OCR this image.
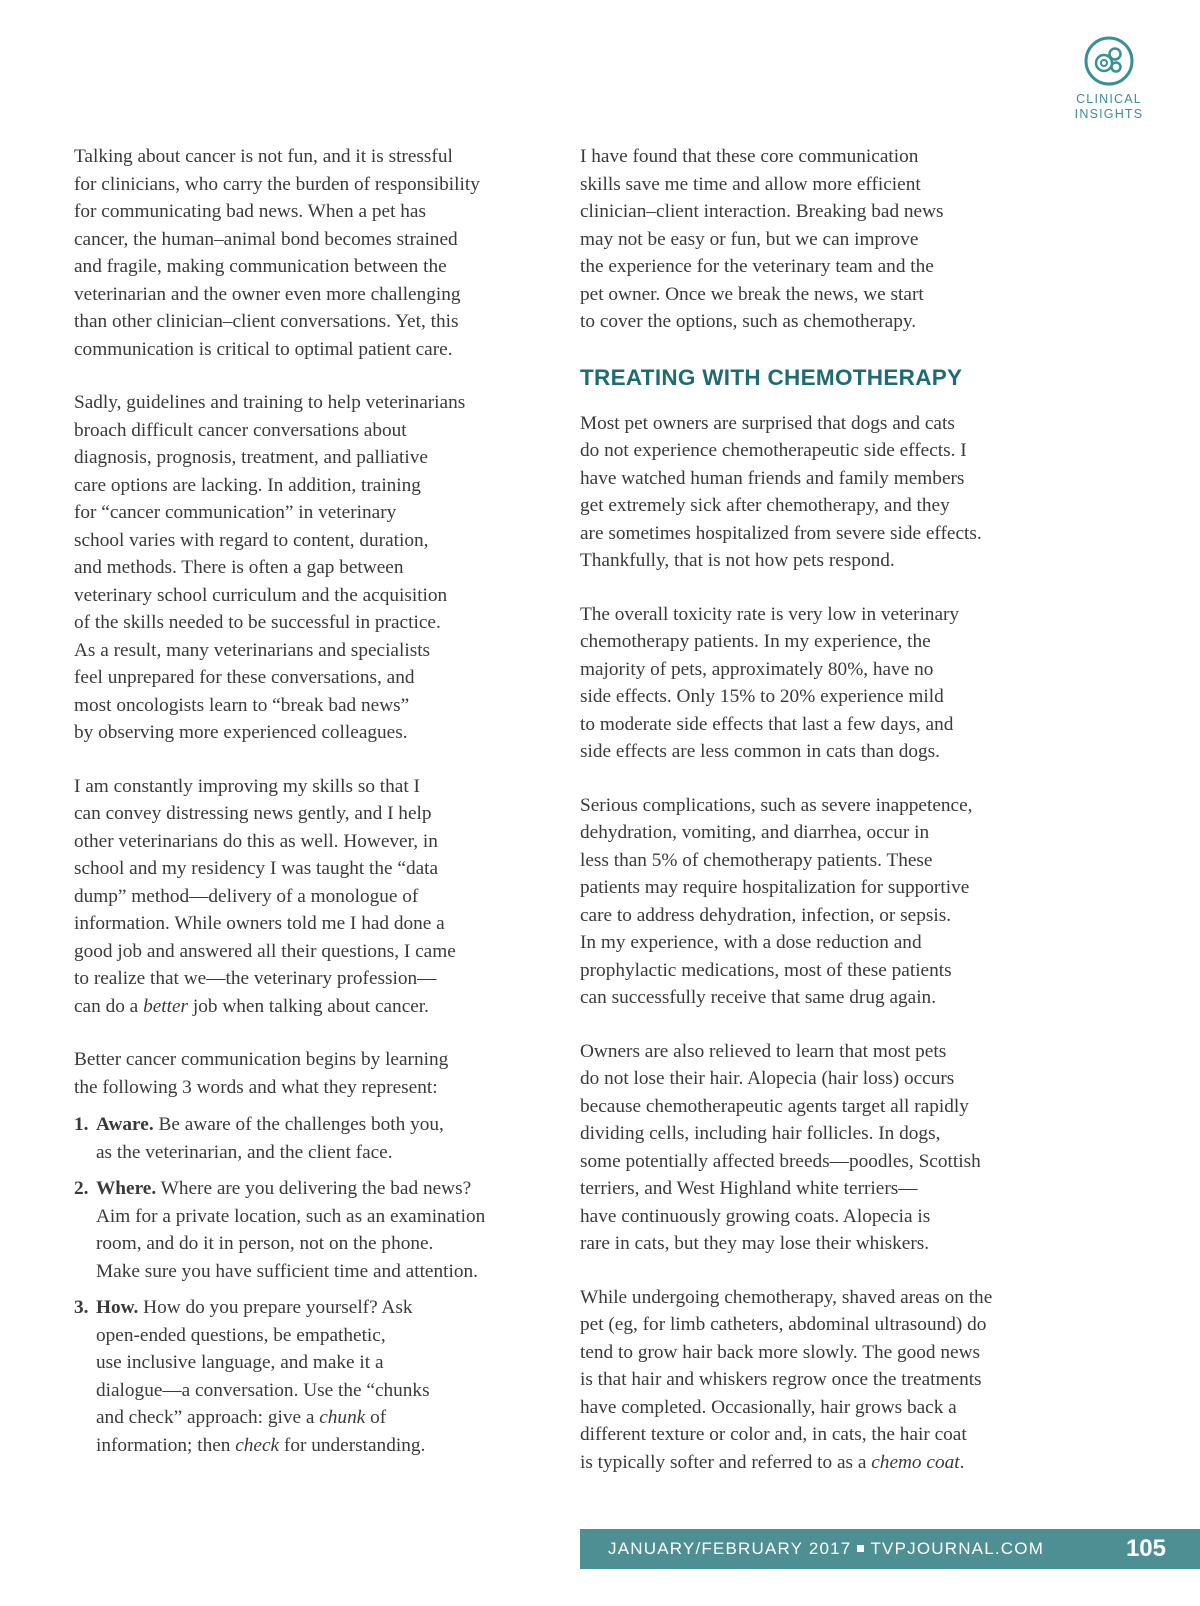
CLINICAL
INSIGHTS

Talking about cancer is not fun, and it is stressful
for clinicians, who carry the burden of responsibility
for communicating bad news. When a pet has
cancer, the human–animal bond becomes strained
and fragile, making communication between the
veterinarian and the owner even more challenging
than other clinician–client conversations. Yet, this
communication is critical to optimal patient care.

Sadly, guidelines and training to help veterinarians
broach difficult cancer conversations about
diagnosis, prognosis, treatment, and palliative
care options are lacking. In addition, training
for “cancer communication” in veterinary
school varies with regard to content, duration,
and methods. There is often a gap between
veterinary school curriculum and the acquisition
of the skills needed to be successful in practice.
As a result, many veterinarians and specialists
feel unprepared for these conversations, and
most oncologists learn to “break bad news”
by observing more experienced colleagues.

I am constantly improving my skills so that I
can convey distressing news gently, and I help
other veterinarians do this as well. However, in
school and my residency I was taught the “data
dump” method—delivery of a monologue of
information. While owners told me I had done a
good job and answered all their questions, I came
to realize that we—the veterinary profession—
can do a better job when talking about cancer.

Better cancer communication begins by learning
the following 3 words and what they represent:

1. Aware. Be aware of the challenges both you,
as the veterinarian, and the client face.
2. Where. Where are you delivering the bad news?
Aim for a private location, such as an examination
room, and do it in person, not on the phone.
Make sure you have sufficient time and attention.
3. How. How do you prepare yourself? Ask
open-ended questions, be empathetic,
use inclusive language, and make it a
dialogue—a conversation. Use the “chunks
and check” approach: give a chunk of
information; then check for understanding.

I have found that these core communication
skills save me time and allow more efficient
clinician–client interaction. Breaking bad news
may not be easy or fun, but we can improve
the experience for the veterinary team and the
pet owner. Once we break the news, we start
to cover the options, such as chemotherapy.

TREATING WITH CHEMOTHERAPY

Most pet owners are surprised that dogs and cats
do not experience chemotherapeutic side effects. I
have watched human friends and family members
get extremely sick after chemotherapy, and they
are sometimes hospitalized from severe side effects.
Thankfully, that is not how pets respond.

The overall toxicity rate is very low in veterinary
chemotherapy patients. In my experience, the
majority of pets, approximately 80%, have no
side effects. Only 15% to 20% experience mild
to moderate side effects that last a few days, and
side effects are less common in cats than dogs.

Serious complications, such as severe inappetence,
dehydration, vomiting, and diarrhea, occur in
less than 5% of chemotherapy patients. These
patients may require hospitalization for supportive
care to address dehydration, infection, or sepsis.
In my experience, with a dose reduction and
prophylactic medications, most of these patients
can successfully receive that same drug again.

Owners are also relieved to learn that most pets
do not lose their hair. Alopecia (hair loss) occurs
because chemotherapeutic agents target all rapidly
dividing cells, including hair follicles. In dogs,
some potentially affected breeds—poodles, Scottish
terriers, and West Highland white terriers—
have continuously growing coats. Alopecia is
rare in cats, but they may lose their whiskers.

While undergoing chemotherapy, shaved areas on the
pet (eg, for limb catheters, abdominal ultrasound) do
tend to grow hair back more slowly. The good news
is that hair and whiskers regrow once the treatments
have completed. Occasionally, hair grows back a
different texture or color and, in cats, the hair coat
is typically softer and referred to as a chemo coat.

JANUARY/FEBRUARY 2017 TVPJOURNAL.COM	105
